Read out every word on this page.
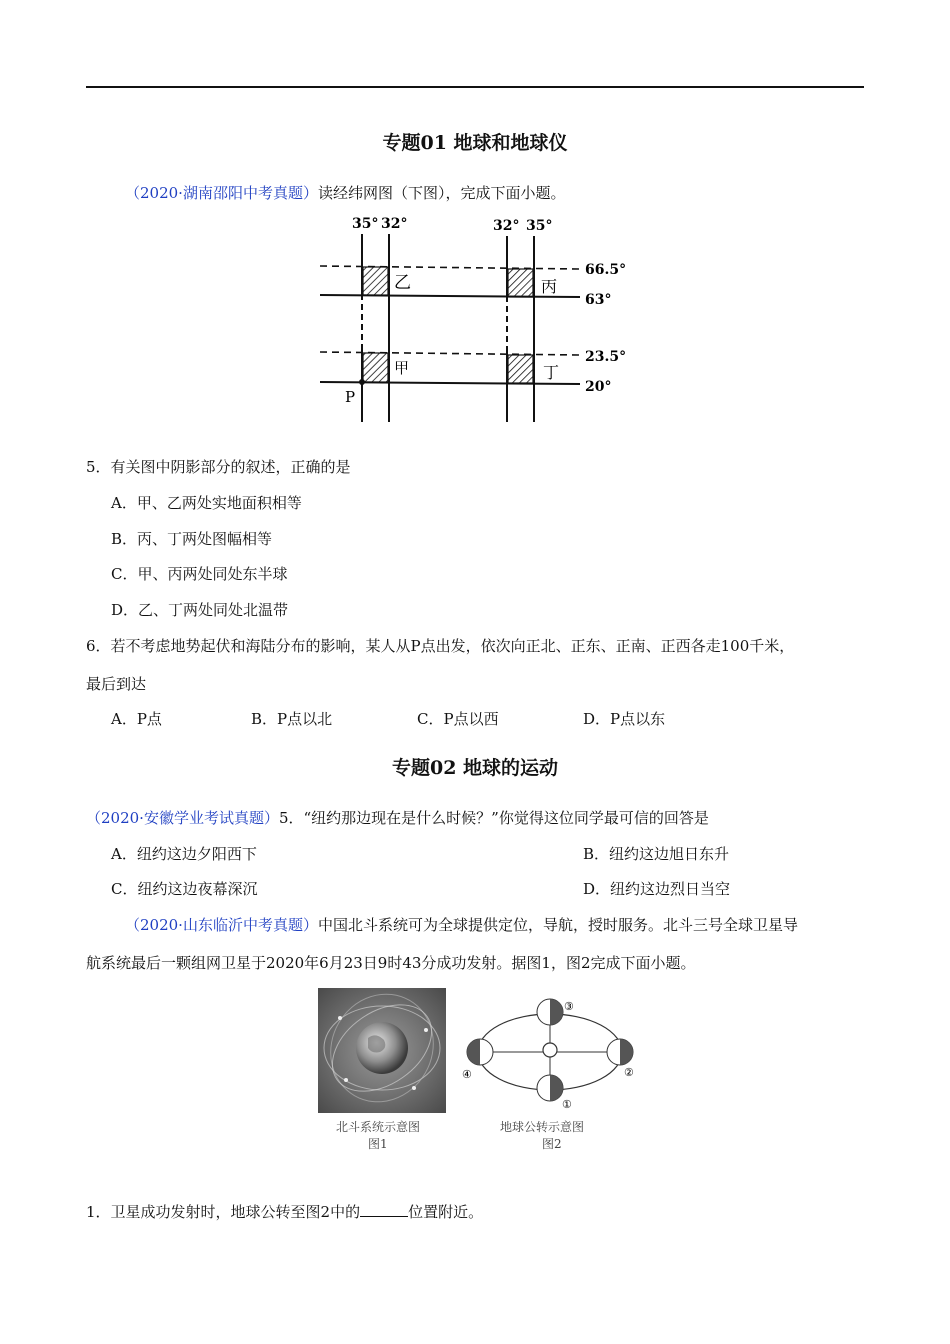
专题01 地球和地球仪
（2020·湖南邵阳中考真题）读经纬网图（下图），完成下面小题。
35° 32°	32° 35°
乙	丙
甲	丁
66.5°
63°
23.5°
20°
P
5．有关图中阴影部分的叙述，正确的是
A．甲、乙两处实地面积相等
B．丙、丁两处图幅相等
C．甲、丙两处同处东半球
D．乙、丁两处同处北温带
6．若不考虑地势起伏和海陆分布的影响，某人从P点出发，依次向正北、正东、正南、正西各走100千米，
最后到达
A．P点	B．P点以北	C．P点以西	D．P点以东
专题02 地球的运动
（2020·安徽学业考试真题）5．“纽约那边现在是什么时候？”你觉得这位同学最可信的回答是
A．纽约这边夕阳西下	B．纽约这边旭日东升
C．纽约这边夜幕深沉	D．纽约这边烈日当空
（2020·山东临沂中考真题）中国北斗系统可为全球提供定位，导航，授时服务。北斗三号全球卫星导
航系统最后一颗组网卫星于2020年6月23日9时43分成功发射。据图1，图2完成下面小题。
①
②
③
④
北斗系统示意图
图1
地球公转示意图
图2
1．卫星成功发射时，地球公转至图2中的	位置附近。
